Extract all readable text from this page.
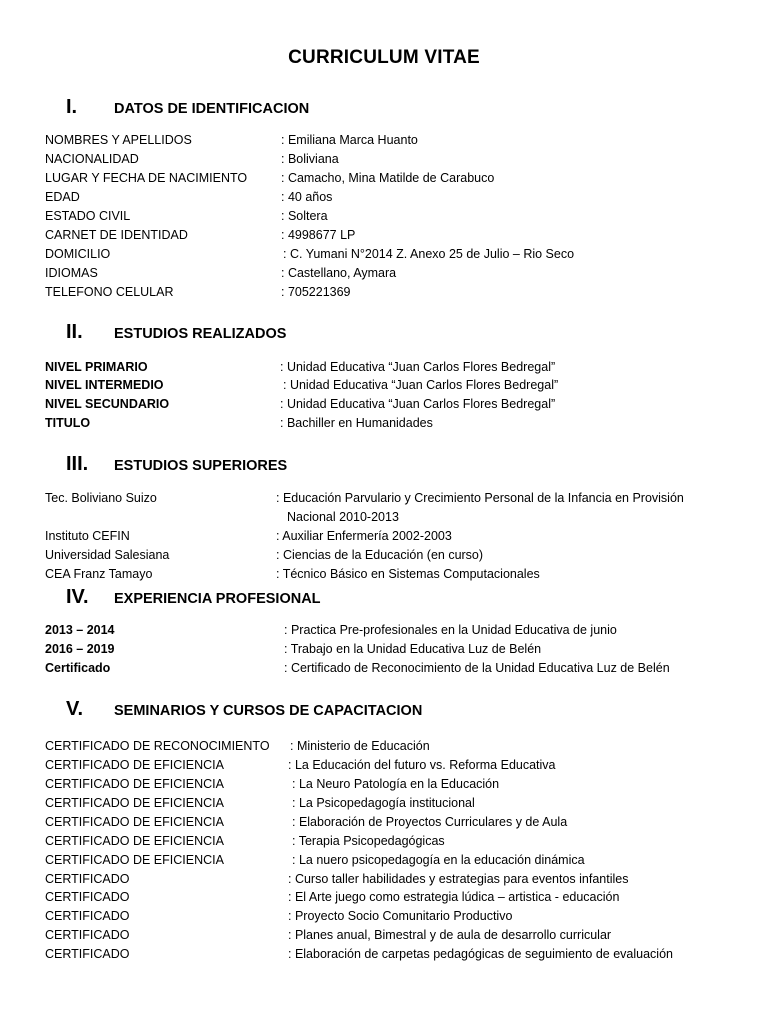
CURRICULUM VITAE
I.	DATOS DE IDENTIFICACION
NOMBRES Y APELLIDOS	: Emiliana Marca Huanto
NACIONALIDAD	: Boliviana
LUGAR Y FECHA DE NACIMIENTO	: Camacho, Mina Matilde de Carabuco
EDAD	: 40 años
ESTADO CIVIL	: Soltera
CARNET DE IDENTIDAD	: 4998677 LP
DOMICILIO	: C. Yumani N°2014 Z. Anexo 25 de Julio – Rio Seco
IDIOMAS	: Castellano, Aymara
TELEFONO CELULAR	: 705221369
II. ESTUDIOS REALIZADOS
NIVEL PRIMARIO	: Unidad Educativa “Juan Carlos Flores Bedregal”
NIVEL INTERMEDIO	: Unidad Educativa “Juan Carlos Flores Bedregal”
NIVEL SECUNDARIO	: Unidad Educativa “Juan Carlos Flores Bedregal”
TITULO	: Bachiller en Humanidades
III. ESTUDIOS SUPERIORES
Tec. Boliviano Suizo	: Educación Parvulario y Crecimiento Personal de la Infancia en Provisión
Nacional 2010-2013
Instituto CEFIN	: Auxiliar Enfermería 2002-2003
Universidad Salesiana	: Ciencias de la Educación (en curso)
CEA Franz Tamayo	: Técnico Básico en Sistemas Computacionales
IV. EXPERIENCIA PROFESIONAL
2013 – 2014	: Practica Pre-profesionales en la Unidad Educativa de junio
2016 – 2019	: Trabajo en la Unidad Educativa Luz de Belén
Certificado	: Certificado de Reconocimiento de la Unidad Educativa Luz de Belén
V. SEMINARIOS Y CURSOS DE CAPACITACION
CERTIFICADO DE RECONOCIMIENTO : Ministerio de Educación
CERTIFICADO DE EFICIENCIA	: La Educación del futuro vs. Reforma Educativa
CERTIFICADO DE EFICIENCIA	: La Neuro Patología en la Educación
CERTIFICADO DE EFICIENCIA	: La Psicopedagogía institucional
CERTIFICADO DE EFICIENCIA	: Elaboración de Proyectos Curriculares y de Aula
CERTIFICADO DE EFICIENCIA	: Terapia Psicopedagógicas
CERTIFICADO DE EFICIENCIA	: La nuero psicopedagogía en la educación dinámica
CERTIFICADO	: Curso taller habilidades y estrategias para eventos infantiles
CERTIFICADO	: El Arte juego como estrategia lúdica – artistica - educación
CERTIFICADO	: Proyecto Socio Comunitario Productivo
CERTIFICADO	: Planes anual, Bimestral y de aula de desarrollo curricular
CERTIFICADO	: Elaboración de carpetas pedagógicas de seguimiento de evaluación
